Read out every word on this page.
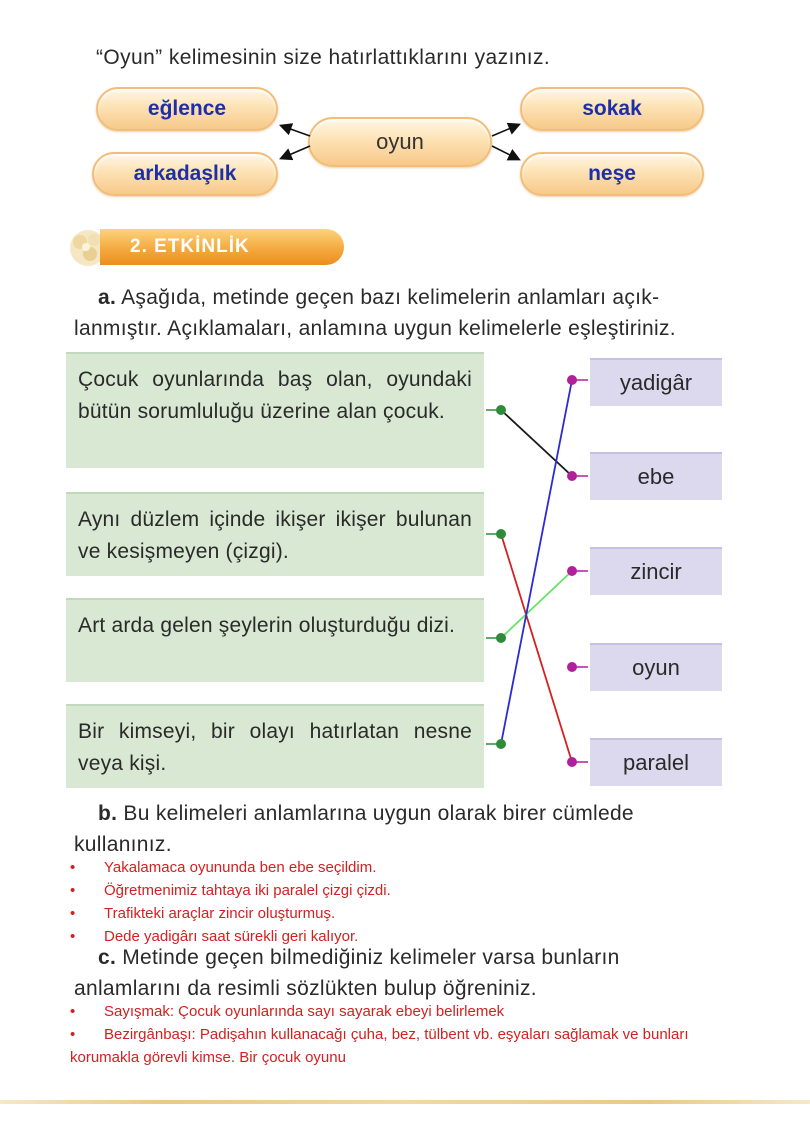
“Oyun” kelimesinin size hatırlattıklarını yazınız.
eğlence
arkadaşlık
oyun
sokak
neşe
2. ETKİNLİK
a. Aşağıda, metinde geçen bazı kelimelerin anlamları açık-
lanmıştır. Açıklamaları, anlamına uygun kelimelerle eşleştiriniz.
Çocuk oyunlarında baş olan, oyundaki bütün sorumluluğu üzerine alan çocuk.
Aynı düzlem içinde ikişer ikişer bulunan ve kesişmeyen (çizgi).
Art arda gelen şeylerin oluşturduğu dizi.
Bir kimseyi, bir olayı hatırlatan nesne veya kişi.
yadigâr
ebe
zincir
oyun
paralel
b. Bu kelimeleri anlamlarına uygun olarak birer cümlede
kullanınız.
• Yakalamaca oyununda ben ebe seçildim.
• Öğretmenimiz tahtaya iki paralel çizgi çizdi.
• Trafikteki araçlar zincir oluşturmuş.
• Dede yadigârı saat sürekli geri kalıyor.
c. Metinde geçen bilmediğiniz kelimeler varsa bunların
anlamlarını da resimli sözlükten bulup öğreniniz.
• Sayışmak: Çocuk oyunlarında sayı sayarak ebeyi belirlemek
• Bezirgânbaşı: Padişahın kullanacağı çuha, bez, tülbent vb. eşyaları sağlamak ve bunları
korumakla görevli kimse. Bir çocuk oyunu
